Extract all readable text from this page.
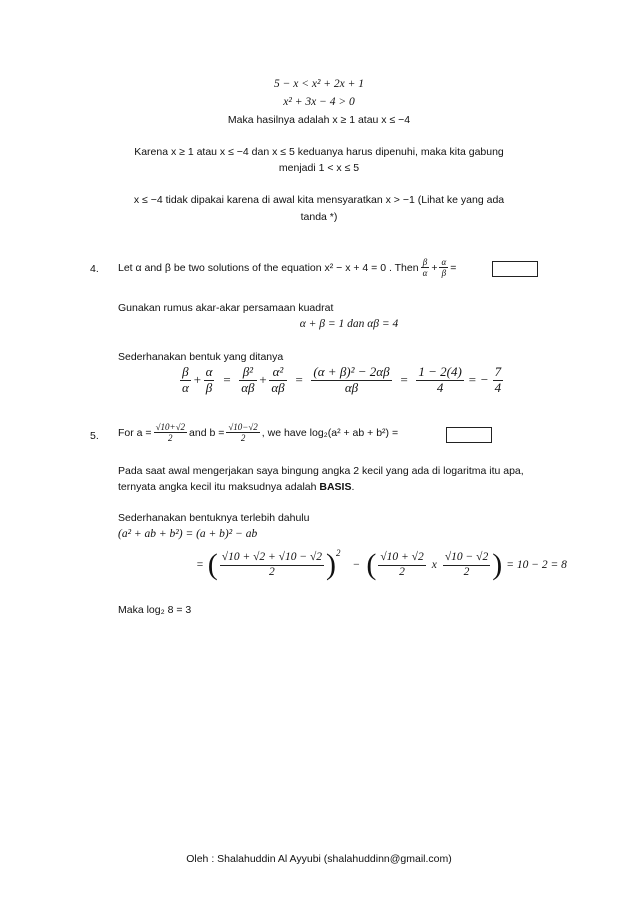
5 − x < x² + 2x + 1
x² + 3x − 4 > 0
Maka hasilnya adalah x ≥ 1 atau x ≤ −4
Karena x ≥ 1 atau x ≤ −4 dan x ≤ 5 keduanya harus dipenuhi, maka kita gabung
menjadi 1 < x ≤ 5
x ≤ −4 tidak dipakai karena di awal kita mensyaratkan x > −1 (Lihat ke yang ada
tanda *)
4. Let α and β be two solutions of the equation x² − x + 4 = 0 . Then $\frac{\beta}{\alpha} + \frac{\alpha}{\beta}$ =
Gunakan rumus akar-akar persamaan kuadrat
α + β = 1 dan αβ = 4
Sederhanakan bentuk yang ditanya
$\frac{\beta}{\alpha} + \frac{\alpha}{\beta} = \frac{\text{β²}}{\alpha\beta} + \frac{\text{α²}}{\alpha\beta} = \frac{\text{(α + β)² − 2αβ}}{\alpha\beta} = \frac{1 - 2(4)}{4}$ = − $\frac{7}{4}$
5. For $a = \frac{√10+√2}{2}$ and $b = \frac{√10-√2}{2}$ , we have log₂(a² + ab + b²) =
Pada saat awal mengerjakan saya bingung angka 2 kecil yang ada di logaritma itu apa,
ternyata angka kecil itu maksudnya adalah BASIS.
Sederhanakan bentuknya terlebih dahulu
(a² + ab + b²) = (a + b)² − ab
= ( $\frac{√10 + √2 + √10 - √2}{2}$ ) 2
− ( $\frac{√10 + √2}{2}$ x $\frac{√10 - √2}{2}$ ) = 10 − 2 = 8
Maka log₂ 8 = 3
Oleh : Shalahuddin Al Ayyubi (shalahuddinn@gmail.com)
